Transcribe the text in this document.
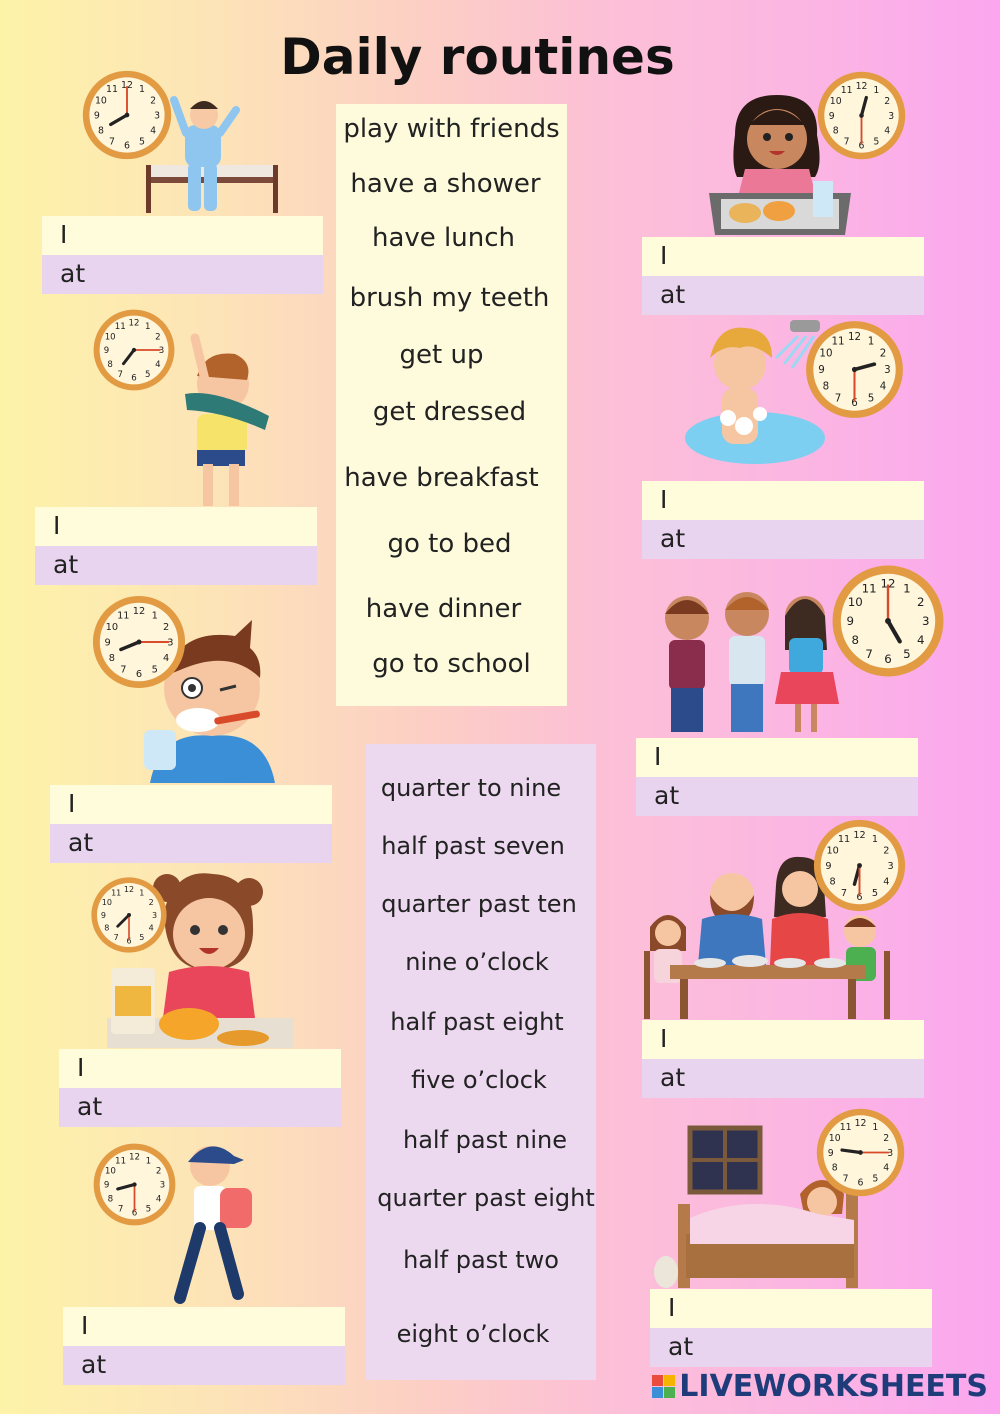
Daily routines
play with friends
have a shower
have lunch
brush my teeth
get up
get dressed
have breakfast
go to bed
have dinner
go to school
quarter to nine
half past seven
quarter past ten
nine o’clock
half past eight
five o’clock
half past nine
quarter past eight
half past two
eight o’clock
12 1
2
3
4
5
6
7
8
9
10
11
12 1
2
3
4
5
6
7
8
9
10
11
12 1
2
3
4
5
6
7
8
9
10
11
12 1
2
3
4
5
6
7
8
9
10
11
12 1
2
3
4
5
6
7
8
9
10
11
12 1
2
3
4
5
6
7
8
9
10
11
12 1
2
3
4
5
6
7
8
9
10
11
12 1
2
3
4
5
6
7
8
9
10
11
12 1
2
3
4
5
6
7
8
9
10
11
12 1
2
3
4
5
6
7
8
9
10
11
I
at
I
at
I
at
I
at
I
at
I
at
I
at
I
at
I
at
I
at
LIVEWORKSHEETS
